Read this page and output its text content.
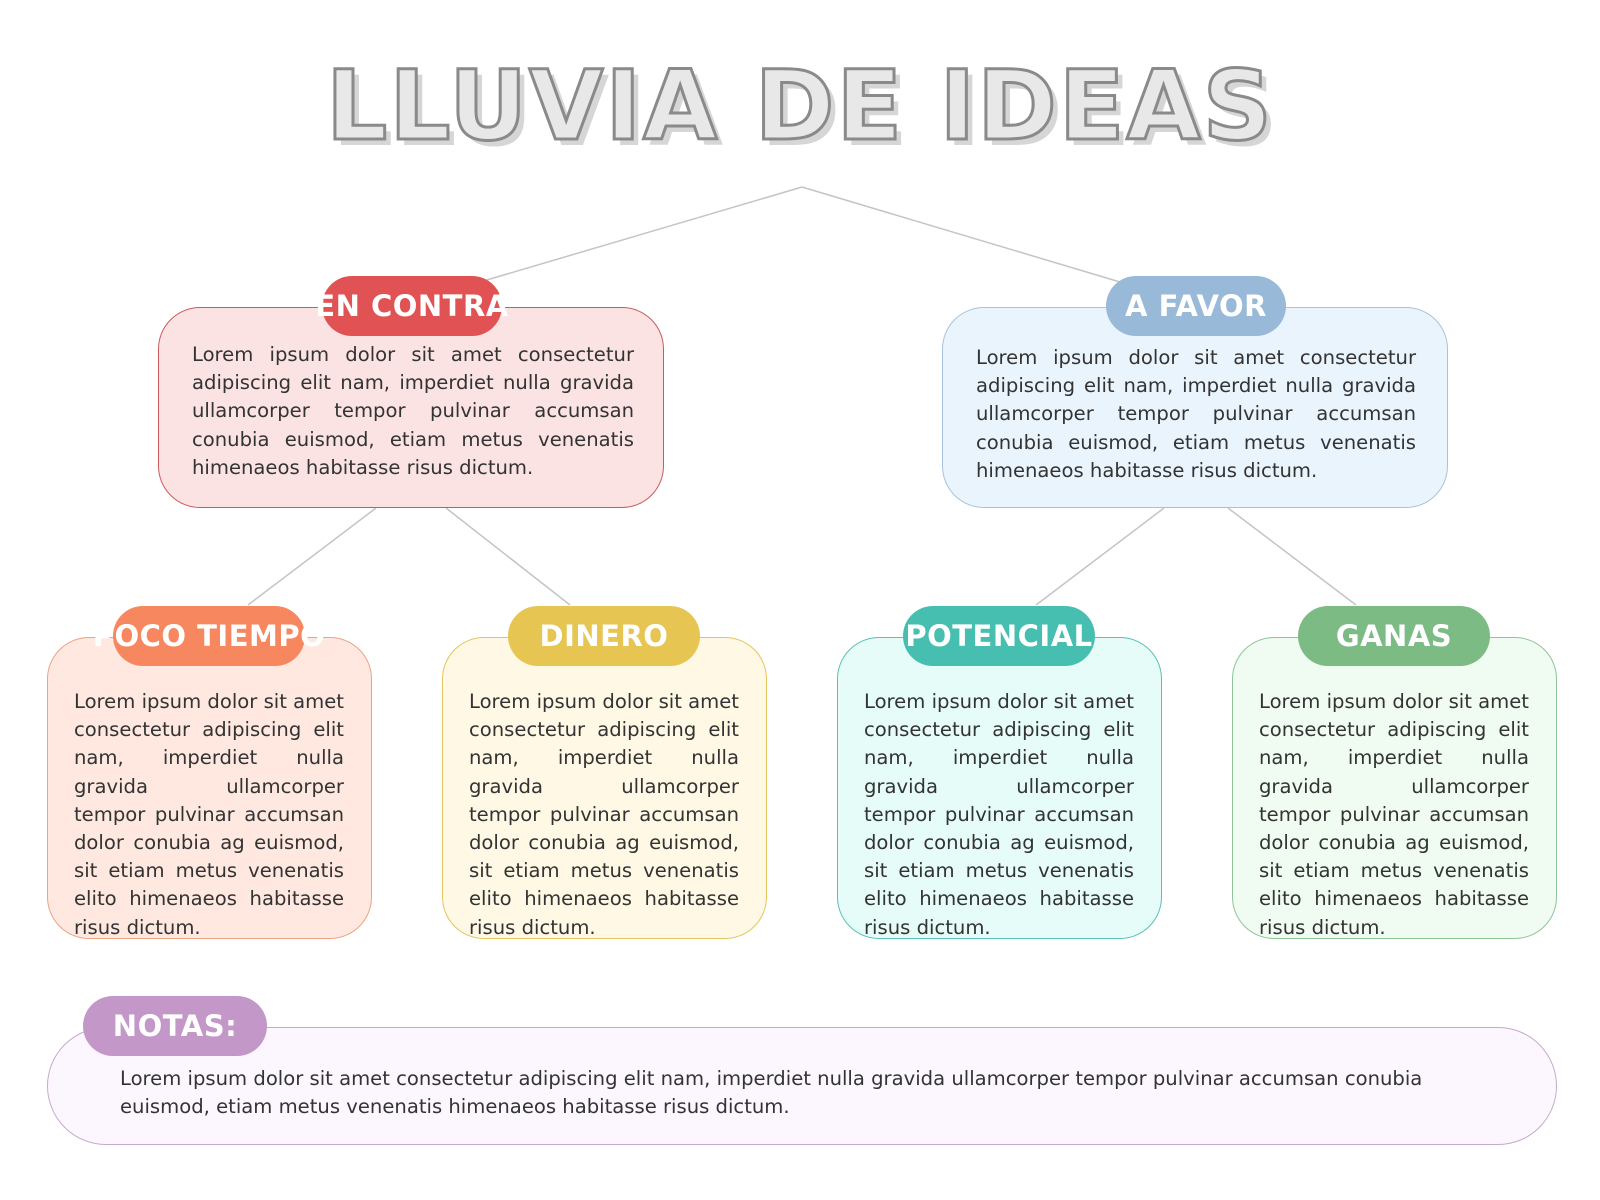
LLUVIA DE IDEAS
EN CONTRA

Lorem ipsum dolor sit amet consectetur adipiscing elit nam, imperdiet nulla gravida ullamcorper tempor pulvinar accumsan conubia euismod, etiam metus venenatis himenaeos habitasse risus dictum.

A FAVOR

Lorem ipsum dolor sit amet consectetur adipiscing elit nam, imperdiet nulla gravida ullamcorper tempor pulvinar accumsan conubia euismod, etiam metus venenatis himenaeos habitasse risus dictum.

POCO TIEMPO

Lorem ipsum dolor sit amet consectetur adipiscing elit nam, imperdiet nulla gravida ullamcorper tempor pulvinar accumsan dolor conubia ag euismod, sit etiam metus venenatis elito himenaeos habitasse risus dictum.

DINERO

Lorem ipsum dolor sit amet consectetur adipiscing elit nam, imperdiet nulla gravida ullamcorper tempor pulvinar accumsan dolor conubia ag euismod, sit etiam metus venenatis elito himenaeos habitasse risus dictum.

POTENCIAL

Lorem ipsum dolor sit amet consectetur adipiscing elit nam, imperdiet nulla gravida ullamcorper tempor pulvinar accumsan dolor conubia ag euismod, sit etiam metus venenatis elito himenaeos habitasse risus dictum.

GANAS

Lorem ipsum dolor sit amet consectetur adipiscing elit nam, imperdiet nulla gravida ullamcorper tempor pulvinar accumsan dolor conubia ag euismod, sit etiam metus venenatis elito himenaeos habitasse risus dictum.

NOTAS:

Lorem ipsum dolor sit amet consectetur adipiscing elit nam, imperdiet nulla gravida ullamcorper tempor pulvinar accumsan conubia euismod, etiam metus venenatis himenaeos habitasse risus dictum.
